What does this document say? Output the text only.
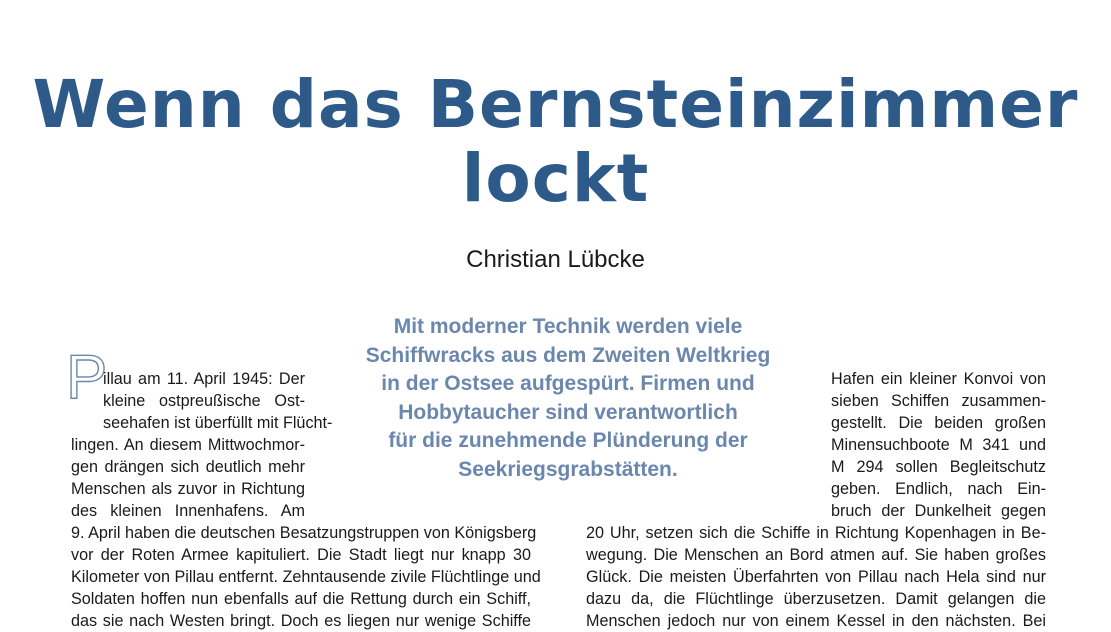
Wenn das Bernsteinzimmer
lockt
Christian Lübcke
Mit moderner Technik werden viele
Schiffwracks aus dem Zweiten Weltkrieg
in der Ostsee aufgespürt. Firmen und
Hobbytaucher sind verantwortlich
für die zunehmende Plünderung der
Seekriegsgrabstätten.
P
illau am 11. April 1945: Der
kleine ostpreußische Ost-
seehafen ist überfüllt mit Flücht-
lingen. An diesem Mittwochmor-
gen drängen sich deutlich mehr
Menschen als zuvor in Richtung
des kleinen Innenhafens. Am
9. April haben die deutschen Besatzungstruppen von Königsberg
vor der Roten Armee kapituliert. Die Stadt liegt nur knapp 30
Kilometer von Pillau entfernt. Zehntausende zivile Flüchtlinge und
Soldaten hoffen nun ebenfalls auf die Rettung durch ein Schiff,
das sie nach Westen bringt. Doch es liegen nur wenige Schiffe
Hafen ein kleiner Konvoi von
sieben Schiffen zusammen-
gestellt. Die beiden großen
Minensuchboote M 341 und
M 294 sollen Begleitschutz
geben. Endlich, nach Ein-
bruch der Dunkelheit gegen
20 Uhr, setzen sich die Schiffe in Richtung Kopenhagen in Be-
wegung. Die Menschen an Bord atmen auf. Sie haben großes
Glück. Die meisten Überfahrten von Pillau nach Hela sind nur
dazu da, die Flüchtlinge überzusetzen. Damit gelangen die
Menschen jedoch nur von einem Kessel in den nächsten. Bei
